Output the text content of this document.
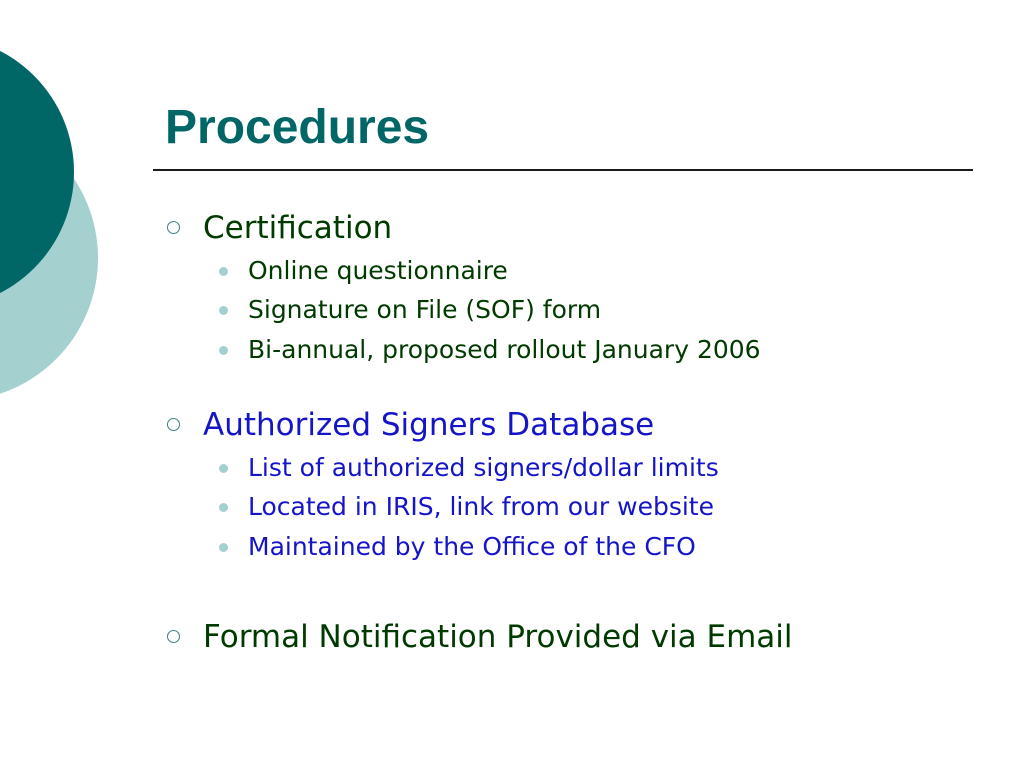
Procedures
Certification
Online questionnaire
Signature on File (SOF) form
Bi-annual, proposed rollout January 2006
Authorized Signers Database
List of authorized signers/dollar limits
Located in IRIS, link from our website
Maintained by the Office of the CFO
Formal Notification Provided via Email
